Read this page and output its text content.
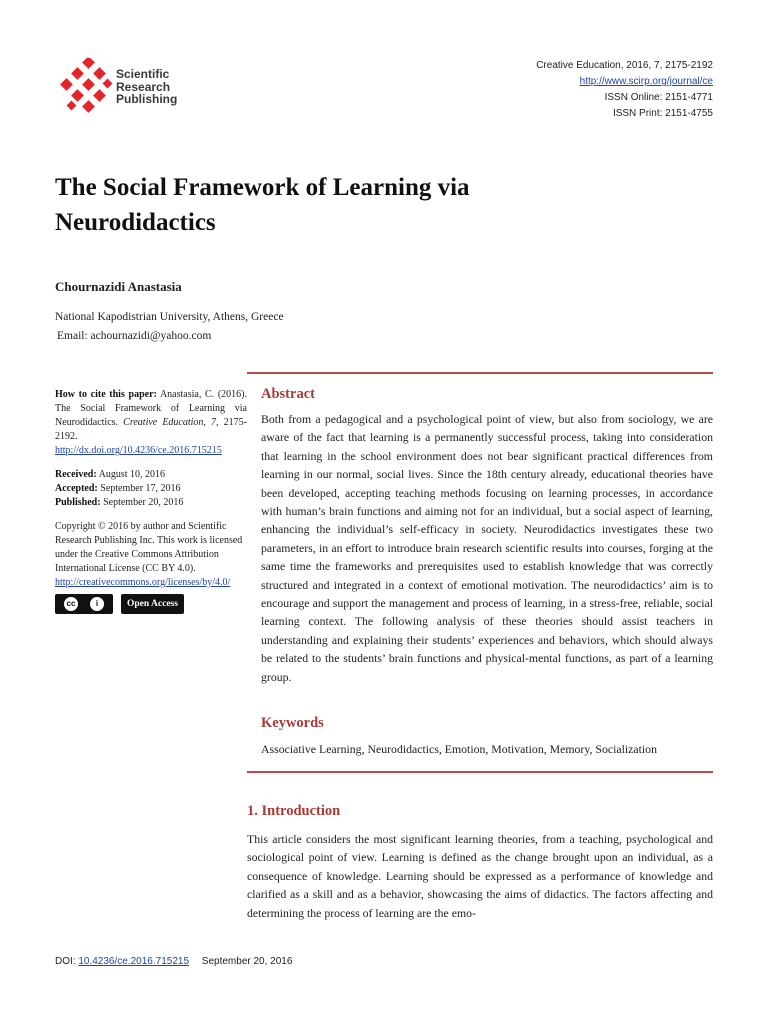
Scientific
Research
Publishing
Creative Education, 2016, 7, 2175-2192
http://www.scirp.org/journal/ce
ISSN Online: 2151-4771
ISSN Print: 2151-4755
The Social Framework of Learning via
Neurodidactics
Chournazidi Anastasia
National Kapodistrian University, Athens, Greece
Email: achournazidi@yahoo.com
How to cite this paper: Anastasia, C. (2016). The Social Framework of Learning via Neurodidactics. Creative Education, 7, 2175-2192.
http://dx.doi.org/10.4236/ce.2016.715215
Received: August 10, 2016
Accepted: September 17, 2016
Published: September 20, 2016
Copyright © 2016 by author and Scientific Research Publishing Inc. This work is licensed under the Creative Commons Attribution International License (CC BY 4.0).
http://creativecommons.org/licenses/by/4.0/
cc	i	Open Access
Abstract
Both from a pedagogical and a psychological point of view, but also from sociology, we are aware of the fact that learning is a permanently successful process, taking into consideration that learning in the school environment does not bear significant practical differences from learning in our normal, social lives. Since the 18th century already, educational theories have been developed, accepting teaching methods focusing on learning processes, in accordance with human’s brain functions and aiming not for an individual, but a social aspect of learning, enhancing the individual’s self-efficacy in society. Neurodidactics investigates these two parameters, in an effort to introduce brain research scientific results into courses, forging at the same time the frameworks and prerequisites used to establish knowledge that was correctly structured and integrated in a context of emotional motivation. The neurodidactics’ aim is to encourage and support the management and process of learning, in a stress-free, reliable, social learning context. The following analysis of these theories should assist teachers in understanding and explaining their students’ experiences and behaviors, which should always be related to the students’ brain functions and physical-mental functions, as part of a learning group.
Keywords
Associative Learning, Neurodidactics, Emotion, Motivation, Memory, Socialization
1. Introduction
This article considers the most significant learning theories, from a teaching, psychological and sociological point of view. Learning is defined as the change brought upon an individual, as a consequence of knowledge. Learning should be expressed as a performance of knowledge and clarified as a skill and as a behavior, showcasing the aims of didactics. The factors affecting and determining the process of learning are the emo-
DOI: 10.4236/ce.2016.715215 September 20, 2016
